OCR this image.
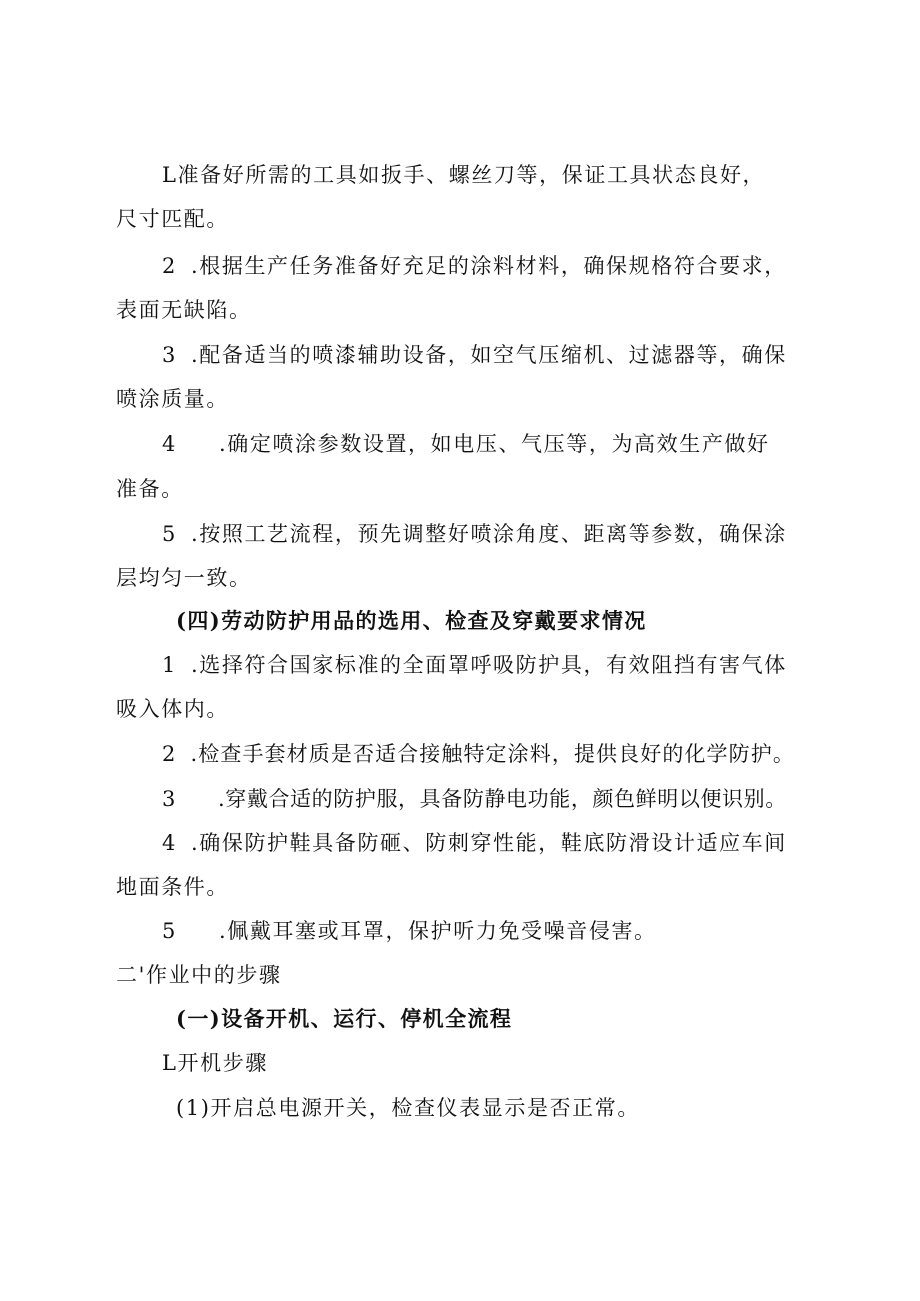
L准备好所需的工具如扳手、螺丝刀等，保证工具状态良好，
尺寸匹配。
2 .根据生产任务准备好充足的涂料材料，确保规格符合要求，
表面无缺陷。
3 .配备适当的喷漆辅助设备，如空气压缩机、过滤器等，确保
喷涂质量。
4 .确定喷涂参数设置，如电压、气压等，为高效生产做好
准备。
5 .按照工艺流程，预先调整好喷涂角度、距离等参数，确保涂
层均匀一致。
(四)劳动防护用品的选用、检查及穿戴要求情况
1 .选择符合国家标准的全面罩呼吸防护具，有效阻挡有害气体
吸入体内。
2 .检查手套材质是否适合接触特定涂料，提供良好的化学防护。
3 .穿戴合适的防护服，具备防静电功能，颜色鲜明以便识别。
4 .确保防护鞋具备防砸、防刺穿性能，鞋底防滑设计适应车间
地面条件。
5 .佩戴耳塞或耳罩，保护听力免受噪音侵害。
二'作业中的步骤
(一)设备开机、运行、停机全流程
L开机步骤
(1)开启总电源开关，检查仪表显示是否正常。
